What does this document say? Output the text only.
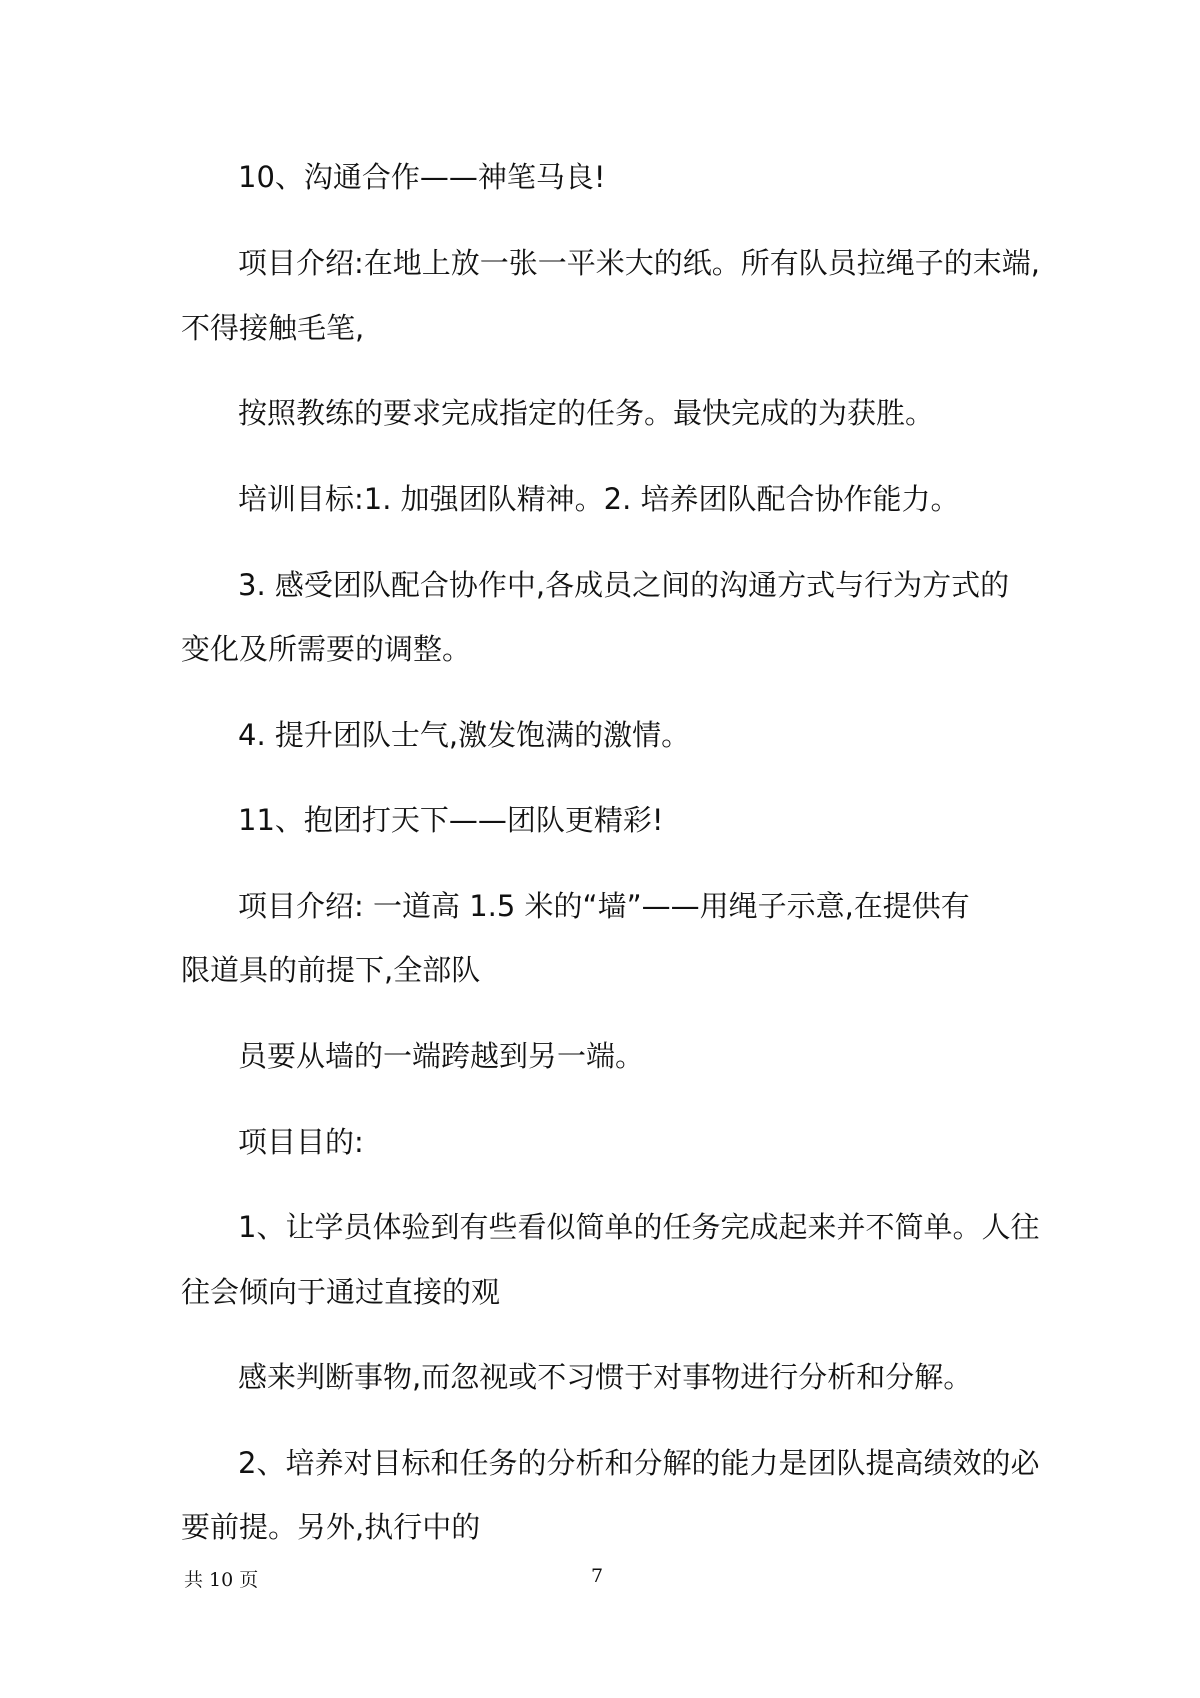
10、沟通合作——神笔马良!
项目介绍:在地上放一张一平米大的纸。所有队员拉绳子的末端,
不得接触毛笔,
按照教练的要求完成指定的任务。最快完成的为获胜。
培训目标:1. 加强团队精神。2. 培养团队配合协作能力。
3. 感受团队配合协作中,各成员之间的沟通方式与行为方式的
变化及所需要的调整。
4. 提升团队士气,激发饱满的激情。
11、抱团打天下——团队更精彩!
项目介绍: 一道高 1.5 米的“墙”——用绳子示意,在提供有
限道具的前提下,全部队
员要从墙的一端跨越到另一端。
项目目的:
1、让学员体验到有些看似简单的任务完成起来并不简单。人往
往会倾向于通过直接的观
感来判断事物,而忽视或不习惯于对事物进行分析和分解。
2、培养对目标和任务的分析和分解的能力是团队提高绩效的必
要前提。另外,执行中的
共 10 页	7
